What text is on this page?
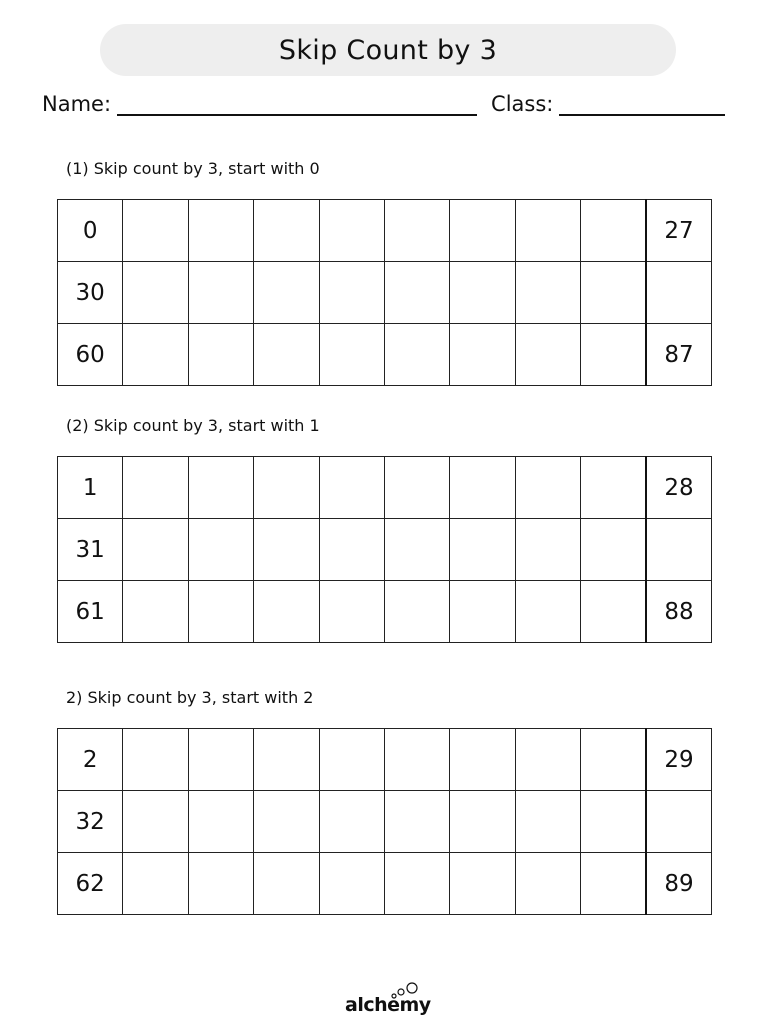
Skip Count by 3
Name:	Class:
(1) Skip count by 3, start with 0
0									27
30									
60									87
(2) Skip count by 3, start with 1
1									28
31									
61									88
2) Skip count by 3, start with 2
2									29
32									
62									89
alchemy
